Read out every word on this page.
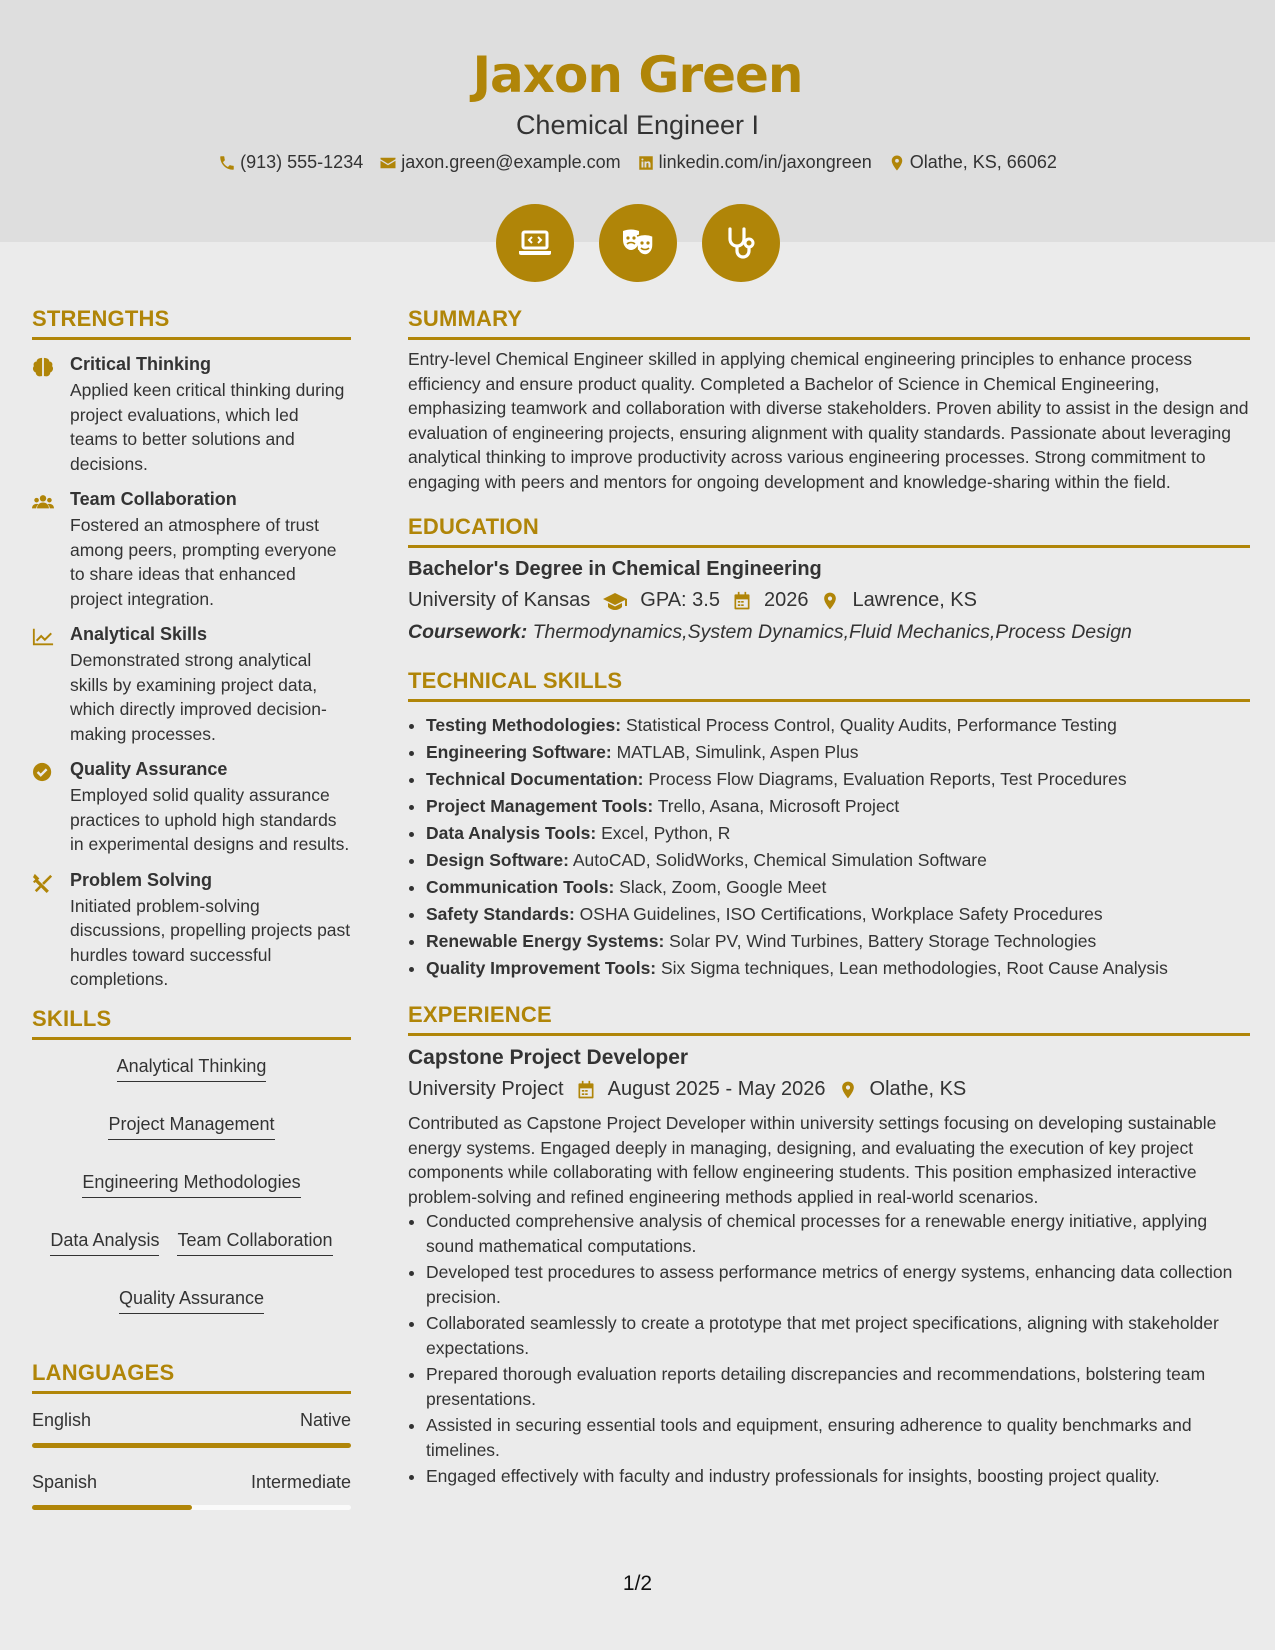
Jaxon Green
Chemical Engineer I
(913) 555-1234 jaxon.green@example.com linkedin.com/in/jaxongreen Olathe, KS, 66062
STRENGTHS
Critical Thinking
Applied keen critical thinking during project evaluations, which led teams to better solutions and decisions.
Team Collaboration
Fostered an atmosphere of trust among peers, prompting everyone to share ideas that enhanced project integration.
Analytical Skills
Demonstrated strong analytical skills by examining project data, which directly improved decision-making processes.
Quality Assurance
Employed solid quality assurance practices to uphold high standards in experimental designs and results.
Problem Solving
Initiated problem-solving discussions, propelling projects past hurdles toward successful completions.
SKILLS
Analytical Thinking
Project Management
Engineering Methodologies
Data Analysis Team Collaboration
Quality Assurance
LANGUAGES
English	Native
Spanish	Intermediate
SUMMARY
Entry-level Chemical Engineer skilled in applying chemical engineering principles to enhance process efficiency and ensure product quality. Completed a Bachelor of Science in Chemical Engineering, emphasizing teamwork and collaboration with diverse stakeholders. Proven ability to assist in the design and evaluation of engineering projects, ensuring alignment with quality standards. Passionate about leveraging analytical thinking to improve productivity across various engineering processes. Strong commitment to engaging with peers and mentors for ongoing development and knowledge-sharing within the field.
EDUCATION
Bachelor's Degree in Chemical Engineering
University of Kansas	GPA: 3.5 2026 Lawrence, KS
Coursework: Thermodynamics,System Dynamics,Fluid Mechanics,Process Design
TECHNICAL SKILLS
• Testing Methodologies: Statistical Process Control, Quality Audits, Performance Testing
• Engineering Software: MATLAB, Simulink, Aspen Plus
• Technical Documentation: Process Flow Diagrams, Evaluation Reports, Test Procedures
• Project Management Tools: Trello, Asana, Microsoft Project
• Data Analysis Tools: Excel, Python, R
• Design Software: AutoCAD, SolidWorks, Chemical Simulation Software
• Communication Tools: Slack, Zoom, Google Meet
• Safety Standards: OSHA Guidelines, ISO Certifications, Workplace Safety Procedures
• Renewable Energy Systems: Solar PV, Wind Turbines, Battery Storage Technologies
• Quality Improvement Tools: Six Sigma techniques, Lean methodologies, Root Cause Analysis
EXPERIENCE
Capstone Project Developer
University Project August 2025 - May 2026 Olathe, KS
Contributed as Capstone Project Developer within university settings focusing on developing sustainable energy systems. Engaged deeply in managing, designing, and evaluating the execution of key project components while collaborating with fellow engineering students. This position emphasized interactive problem-solving and refined engineering methods applied in real-world scenarios.
• Conducted comprehensive analysis of chemical processes for a renewable energy initiative, applying sound mathematical computations.
• Developed test procedures to assess performance metrics of energy systems, enhancing data collection precision.
• Collaborated seamlessly to create a prototype that met project specifications, aligning with stakeholder expectations.
• Prepared thorough evaluation reports detailing discrepancies and recommendations, bolstering team presentations.
• Assisted in securing essential tools and equipment, ensuring adherence to quality benchmarks and timelines.
• Engaged effectively with faculty and industry professionals for insights, boosting project quality.
1/2
